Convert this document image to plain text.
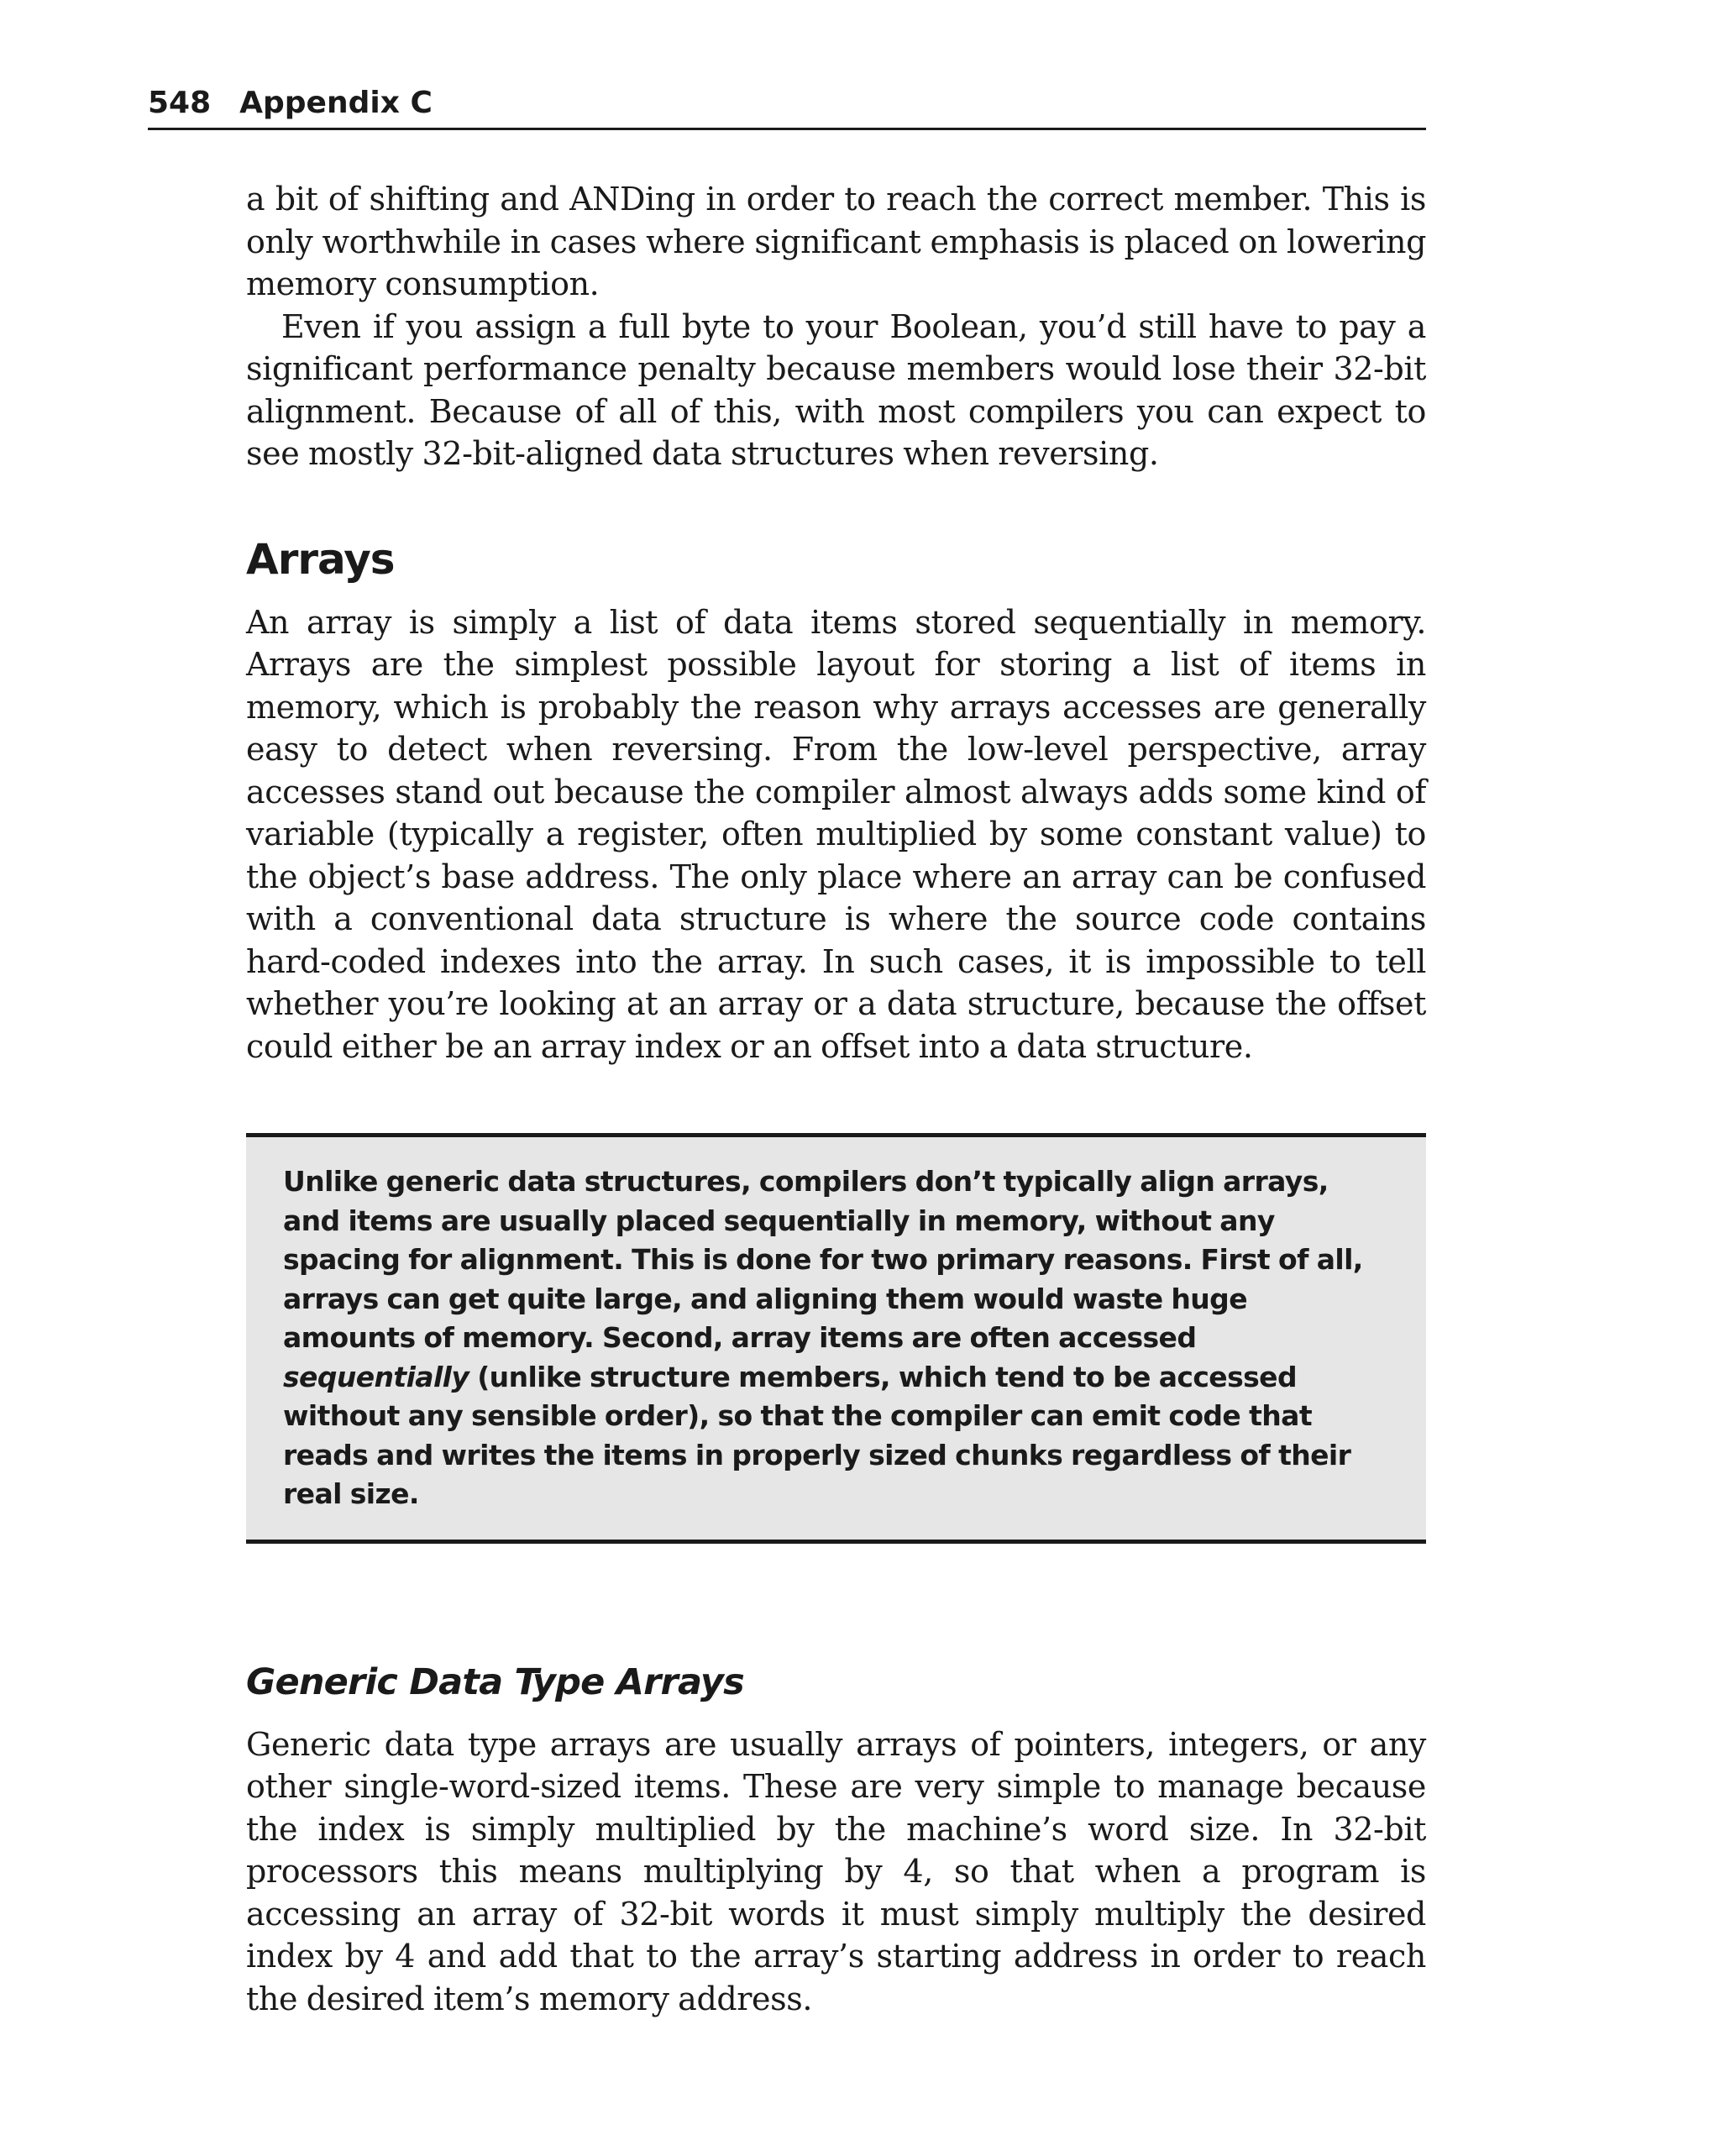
548 Appendix C

a bit of shifting and ANDing in order to reach the correct member. This is only worthwhile in cases where significant emphasis is placed on lowering memory consumption.

Even if you assign a full byte to your Boolean, you’d still have to pay a significant performance penalty because members would lose their 32-bit alignment. Because of all of this, with most compilers you can expect to see mostly 32-bit-aligned data structures when reversing.

Arrays

An array is simply a list of data items stored sequentially in memory. Arrays are the simplest possible layout for storing a list of items in memory, which is probably the reason why arrays accesses are generally easy to detect when reversing. From the low-level perspective, array accesses stand out because the compiler almost always adds some kind of variable (typically a register, often multiplied by some constant value) to the object’s base address. The only place where an array can be confused with a conventional data structure is where the source code contains hard-coded indexes into the array. In such cases, it is impossible to tell whether you’re looking at an array or a data structure, because the offset could either be an array index or an offset into a data structure.

Unlike generic data structures, compilers don’t typically align arrays, and items are usually placed sequentially in memory, without any spacing for alignment. This is done for two primary reasons. First of all, arrays can get quite large, and aligning them would waste huge amounts of memory. Second, array items are often accessed sequentially (unlike structure members, which tend to be accessed without any sensible order), so that the compiler can emit code that reads and writes the items in properly sized chunks regardless of their real size.
Generic Data Type Arrays

Generic data type arrays are usually arrays of pointers, integers, or any other single-word-sized items. These are very simple to manage because the index is simply multiplied by the machine’s word size. In 32-bit processors this means multiplying by 4, so that when a program is accessing an array of 32-bit words it must simply multiply the desired index by 4 and add that to the array’s starting address in order to reach the desired item’s memory address.
